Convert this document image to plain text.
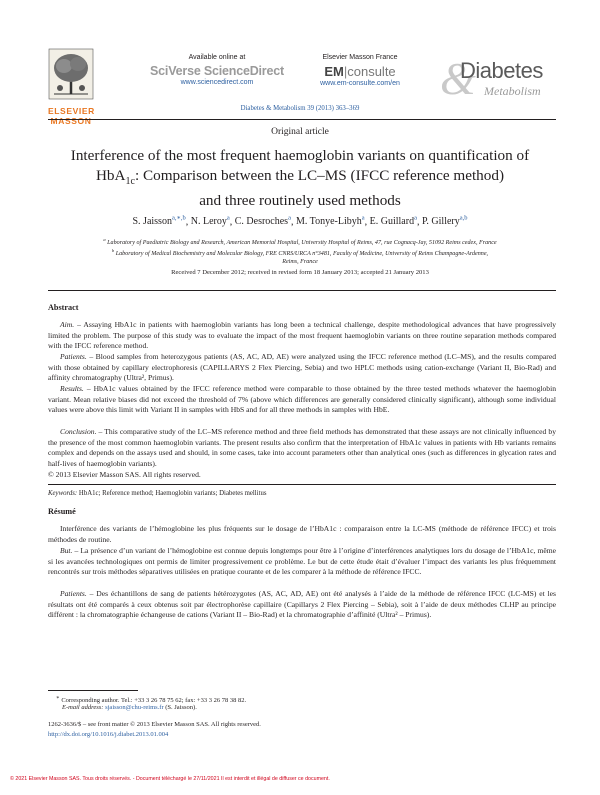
ELSEVIER
MASSON
Available online at
SciVerse ScienceDirect
www.sciencedirect.com
Elsevier Masson France
EM|consulte
www.em-consulte.com/en &
Diabetes
Metabolism
Diabetes & Metabolism 39 (2013) 363–369
Original article
Interference of the most frequent haemoglobin variants on quantification of
HbA$_{1c}$: Comparison between the LC–MS (IFCC reference method)
and three routinely used methods
S. Jaisson$^{a,∗,b}$, N. Leroy$^a$, C. Desroches$^a$, M. Tonye-Libyh$^a$, E. Guillard$^a$, P. Gillery$^{a,b}$
$^a$ Laboratory of Paediatric Biology and Research, American Memorial Hospital, University Hospital of Reims, 47, rue Cognacq-Jay, 51092 Reims cedex, France
$^b$ Laboratory of Medical Biochemistry and Molecular Biology, FRE CNRS/URCA n°3481, Faculty of Medicine, University of Reims Champagne-Ardenne,
Reims, France
Received 7 December 2012; received in revised form 18 January 2013; accepted 21 January 2013
Abstract
Aim. – Assaying HbA1c in patients with haemoglobin variants has long been a technical challenge, despite methodological advances that have progressively limited the problem. The purpose of this study was to evaluate the impact of the most frequent haemoglobin variants on three routine separation methods compared with the IFCC reference method.
Patients. – Blood samples from heterozygous patients (AS, AC, AD, AE) were analyzed using the IFCC reference method (LC–MS), and the results compared with those obtained by capillary electrophoresis (CAPILLARYS 2 Flex Piercing, Sebia) and two HPLC methods using cation-exchange (Variant II, Bio-Rad) and affinity chromatography (Ultra², Primus).
Results. – HbA1c values obtained by the IFCC reference method were comparable to those obtained by the three tested methods whatever the haemoglobin variant. Mean relative biases did not exceed the threshold of 7% (above which differences are generally considered clinically significant), although some individual values were above this limit with Variant II in samples with HbS and for all three methods in samples with HbE.
Conclusion. – This comparative study of the LC–MS reference method and three field methods has demonstrated that these assays are not clinically influenced by the presence of the most common haemoglobin variants. The present results also confirm that the interpretation of HbA1c values in patients with Hb variants remains complex and depends on the assays used and should, in some cases, take into account parameters other than analytical ones (such as differences in glycation rates and half-lives of haemoglobin variants).
© 2013 Elsevier Masson SAS. All rights reserved.
Keywords: HbA1c; Reference method; Haemoglobin variants; Diabetes mellitus
Résumé
Interférence des variants de l’hémoglobine les plus fréquents sur le dosage de l’HbA1c : comparaison entre la LC-MS (méthode de référence IFCC) et trois méthodes de routine.
But. – La présence d’un variant de l’hémoglobine est connue depuis longtemps pour être à l’origine d’interférences analytiques lors du dosage de l’HbA1c, même si les avancées technologiques ont permis de limiter progressivement ce problème. Le but de cette étude était d’évaluer l’impact des variants les plus fréquemment rencontrés sur trois méthodes séparatives utilisées en pratique courante et de les comparer à la méthode de référence IFCC.
Patients. – Des échantillons de sang de patients hétérozygotes (AS, AC, AD, AE) ont été analysés à l’aide de la méthode de référence IFCC (LC-MS) et les résultats ont été comparés à ceux obtenus soit par électrophorèse capillaire (Capillarys 2 Flex Piercing – Sebia), soit à l’aide de deux méthodes CLHP au principe différent : la chromatographie échangeuse de cations (Variant II – Bio-Rad) et la chromatographie d’affinité (Ultra² – Primus).
∗ Corresponding author. Tel.: +33 3 26 78 75 62; fax: +33 3 26 78 38 82.
E-mail address: sjaisson@chu-reims.fr (S. Jaisson).
1262-3636/$ – see front matter © 2013 Elsevier Masson SAS. All rights reserved.
http://dx.doi.org/10.1016/j.diabet.2013.01.004
© 2021 Elsevier Masson SAS. Tous droits réservés. - Document téléchargé le 27/11/2021 Il est interdit et illégal de diffuser ce document.
